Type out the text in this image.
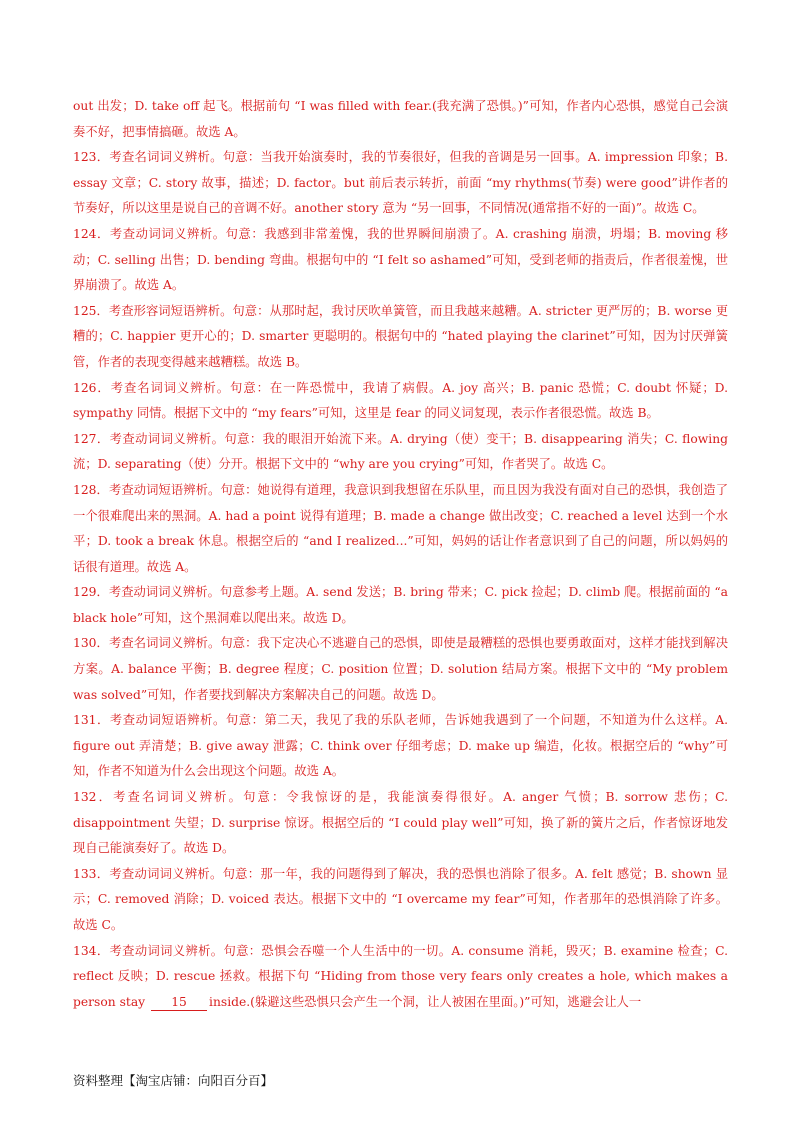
out 出发；D. take off 起飞。根据前句 “I was filled with fear.(我充满了恐惧。)”可知，作者内心恐惧，感觉自己会演奏不好，把事情搞砸。故选 A。

123．考查名词词义辨析。句意：当我开始演奏时，我的节奏很好，但我的音调是另一回事。A. impression 印象；B. essay 文章；C. story 故事，描述；D. factor。but 前后表示转折，前面 “my rhythms(节奏) were good”讲作者的节奏好，所以这里是说自己的音调不好。another story 意为 “另一回事，不同情况(通常指不好的一面)”。故选 C。

124．考查动词词义辨析。句意：我感到非常羞愧，我的世界瞬间崩溃了。A. crashing 崩溃，坍塌；B. moving 移动；C. selling 出售；D. bending 弯曲。根据句中的 “I felt so ashamed”可知，受到老师的指责后，作者很羞愧，世界崩溃了。故选 A。

125．考查形容词短语辨析。句意：从那时起，我讨厌吹单簧管，而且我越来越糟。A. stricter 更严厉的；B. worse 更糟的；C. happier 更开心的；D. smarter 更聪明的。根据句中的 “hated playing the clarinet”可知，因为讨厌弹簧管，作者的表现变得越来越糟糕。故选 B。

126．考查名词词义辨析。句意：在一阵恐慌中，我请了病假。A. joy 高兴；B. panic 恐慌；C. doubt 怀疑；D. sympathy 同情。根据下文中的 “my fears”可知，这里是 fear 的同义词复现，表示作者很恐慌。故选 B。

127．考查动词词义辨析。句意：我的眼泪开始流下来。A. drying（使）变干；B. disappearing 消失；C. flowing 流；D. separating（使）分开。根据下文中的 “why are you crying”可知，作者哭了。故选 C。

128．考查动词短语辨析。句意：她说得有道理，我意识到我想留在乐队里，而且因为我没有面对自己的恐惧，我创造了一个很难爬出来的黑洞。A. had a point 说得有道理；B. made a change 做出改变；C. reached a level 达到一个水平；D. took a break 休息。根据空后的 “and I realized...”可知，妈妈的话让作者意识到了自己的问题，所以妈妈的话很有道理。故选 A。

129．考查动词词义辨析。句意参考上题。A. send 发送；B. bring 带来；C. pick 捡起；D. climb 爬。根据前面的 “a black hole”可知，这个黑洞难以爬出来。故选 D。

130．考查名词词义辨析。句意：我下定决心不逃避自己的恐惧，即使是最糟糕的恐惧也要勇敢面对，这样才能找到解决方案。A. balance 平衡；B. degree 程度；C. position 位置；D. solution 结局方案。根据下文中的 “My problem was solved”可知，作者要找到解决方案解决自己的问题。故选 D。

131．考查动词短语辨析。句意：第二天，我见了我的乐队老师，告诉她我遇到了一个问题，不知道为什么这样。A. figure out 弄清楚；B. give away 泄露；C. think over 仔细考虑；D. make up 编造，化妆。根据空后的 “why”可知，作者不知道为什么会出现这个问题。故选 A。

132．考查名词词义辨析。句意：令我惊讶的是，我能演奏得很好。A. anger 气愤；B. sorrow 悲伤；C. disappointment 失望；D. surprise 惊讶。根据空后的 “I could play well”可知，换了新的簧片之后，作者惊讶地发现自己能演奏好了。故选 D。

133．考查动词词义辨析。句意：那一年，我的问题得到了解决，我的恐惧也消除了很多。A. felt 感觉；B. shown 显示；C. removed 消除；D. voiced 表达。根据下文中的 “I overcame my fear”可知，作者那年的恐惧消除了许多。故选 C。

134．考查动词词义辨析。句意：恐惧会吞噬一个人生活中的一切。A. consume 消耗，毁灭；B. examine 检查；C. reflect 反映；D. rescue 拯救。根据下句 “Hiding from those very fears only creates a hole, which makes a person stay 15 inside.(躲避这些恐惧只会产生一个洞，让人被困在里面。)”可知，逃避会让人一

资料整理【淘宝店铺：向阳百分百】
